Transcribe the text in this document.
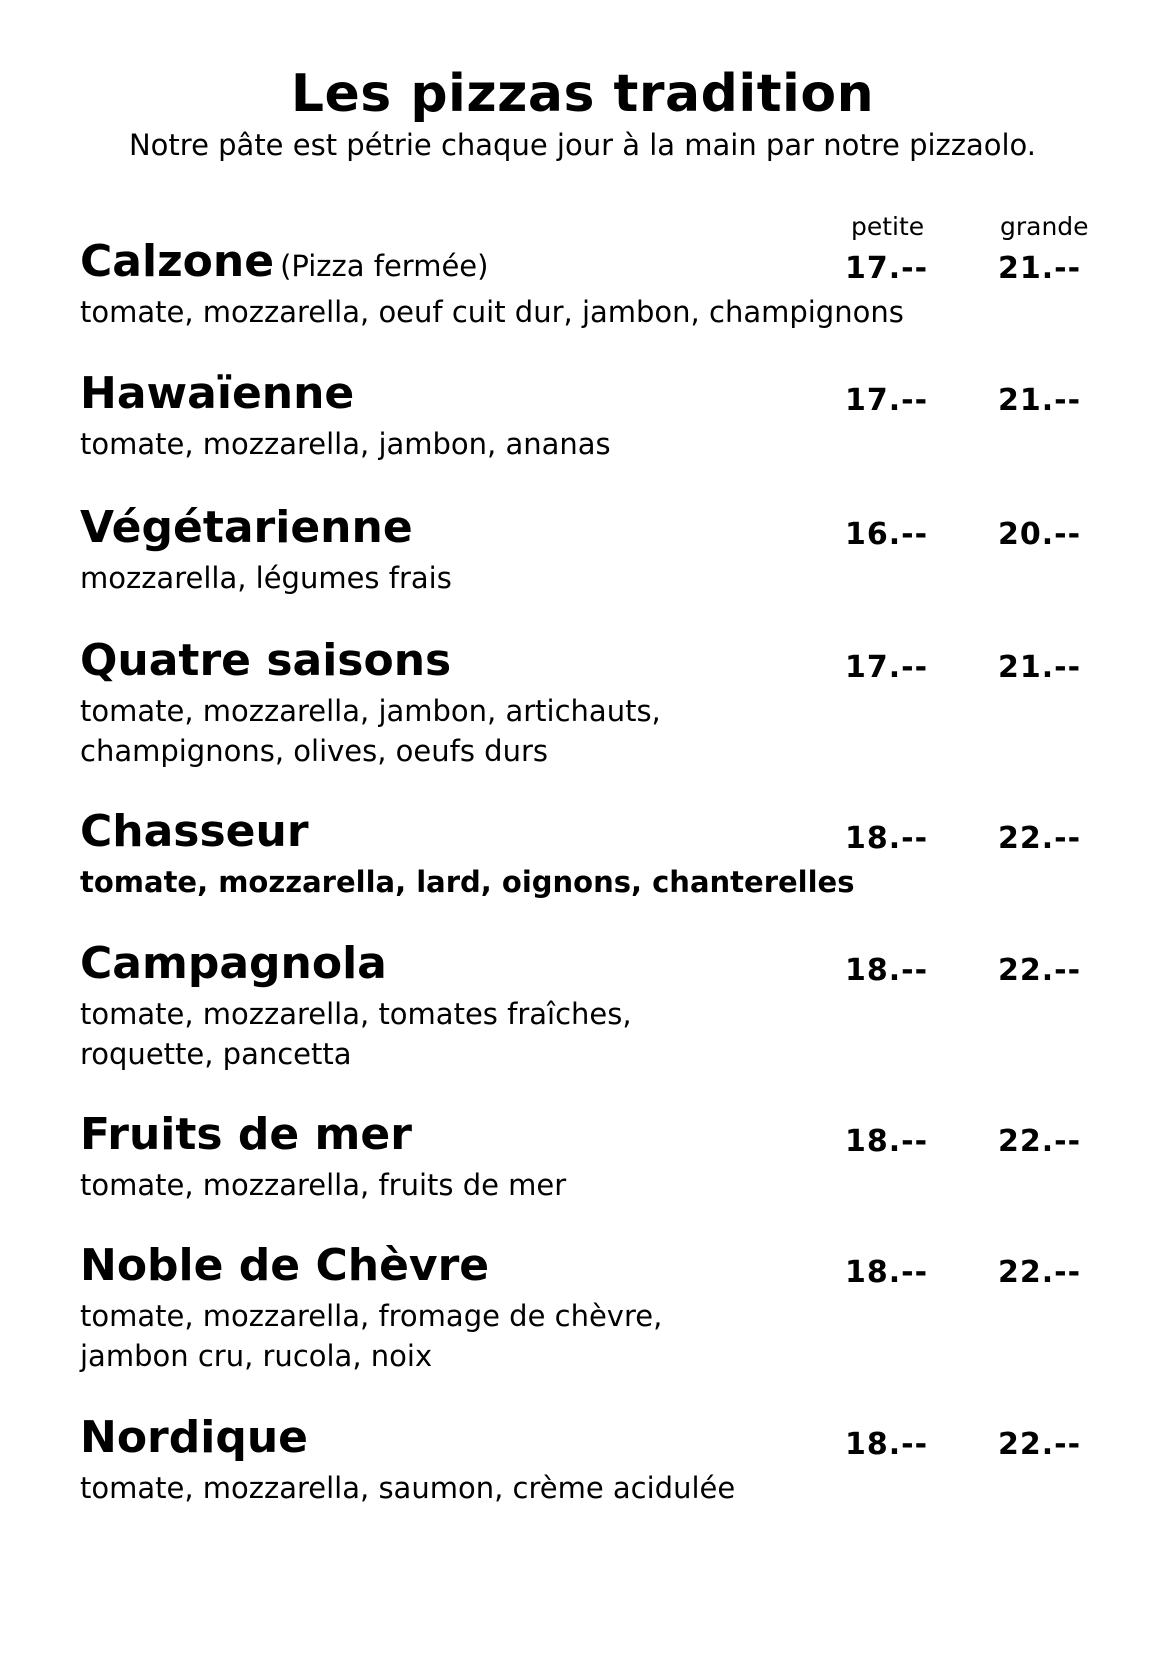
Les pizzas tradition
Notre pâte est pétrie chaque jour à la main par notre pizzaolo.
petite	grande
Calzone (Pizza fermée)
tomate, mozzarella, oeuf cuit dur, jambon, champignons
17.-- 21.--
Hawaïenne
tomate, mozzarella, jambon, ananas
17.-- 21.--
Végétarienne
mozzarella, légumes frais
16.-- 20.--
Quatre saisons
tomate, mozzarella, jambon, artichauts,
champignons, olives, oeufs durs
17.-- 21.--
Chasseur
tomate, mozzarella, lard, oignons, chanterelles
18.-- 22.--
Campagnola
tomate, mozzarella, tomates fraîches,
roquette, pancetta
18.-- 22.--
Fruits de mer
tomate, mozzarella, fruits de mer
18.-- 22.--
Noble de Chèvre
tomate, mozzarella, fromage de chèvre,
jambon cru, rucola, noix
18.-- 22.--
Nordique
tomate, mozzarella, saumon, crème acidulée
18.-- 22.--
